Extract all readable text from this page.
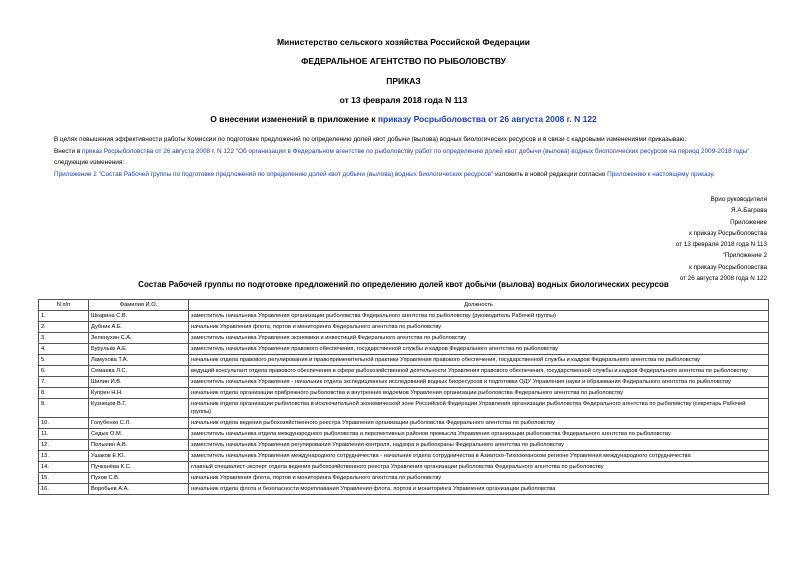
Министерство сельского хозяйства Российской Федерации
ФЕДЕРАЛЬНОЕ АГЕНТСТВО ПО РЫБОЛОВСТВУ
ПРИКАЗ
от 13 февраля 2018 года N 113
О внесении изменений в приложение к приказу Росрыболовства от 26 августа 2008 г. N 122
В целях повышения эффективности работы Комиссии по подготовке предложений по определению долей квот добычи (вылова) водных биологических ресурсов и в связи с кадровыми изменениями приказываю:
Внести в приказ Росрыболовства от 26 августа 2008 г. N 122 "Об организации в Федеральном агентстве по рыболовству работ по определению долей квот добычи (вылова) водных биологических ресурсов на период 2009-2018 годы" следующие изменения:
Приложение 2 "Состав Рабочей группы по подготовке предложений по определению долей квот добычи (вылова) водных биологических ресурсов" изложить в новой редакции согласно Приложению к настоящему приказу.
Врио руководителя
Я.А.Багрова
Приложение
к приказу Росрыболовства
от 13 февраля 2018 года N 113
"Приложение 2
к приказу Росрыболовства
от 26 августа 2008 года N 122
Состав Рабочей группы по подготовке предложений по определению долей квот добычи (вылова) водных биологических ресурсов
N п/п	Фамилия И.О.	Должность
1.	Шкарина С.В.	заместитель начальника Управления организации рыболовства Федерального агентства по рыболовству (руководитель Рабочей группы)
2.	Дубник А.Е.	начальник Управления флота, портов и мониторинга Федерального агентства по рыболовству
3.	Зеленухин С.А.	заместитель начальника Управления экономики и инвестиций Федерального агентства по рыболовству
4.	Бурулько А.Е.	заместитель начальника Управления правового обеспечения, государственной службы и кадров Федерального агентства по рыболовству
5.	Ламухова Т.А.	начальник отдела правового регулирования и правоприменительной практики Управления правового обеспечения, государственной службы и кадров Федерального агентства по рыболовству
6.	Семаева Л.С.	ведущий консультант отдела правового обеспечения в сфере рыбохозяйственной деятельности Управления правового обеспечения, государственной службы и кадров Федерального агентства по рыболовству
7.	Шилин И.В.	заместитель начальника Управления - начальник отдела экспедиционных исследований водных биоресурсов и подготовки ОДУ Управления науки и образования Федерального агентства по рыболовству
8.	Куприн Н.Н.	начальник отдела организации прибрежного рыболовства и внутренних водоемов Управления организации рыболовства Федерального агентства по рыболовству
9.	Кузнецов В.Г.	начальник отдела организации рыболовства в исключительной экономической зоне Российской Федерации Управления организации рыболовства Федерального агентства по рыболовству (секретарь Рабочей группы)
10.	Голубенко С.Л.	начальник отдела ведения рыбохозяйственного реестра Управления организации рыболовства Федерального агентства по рыболовству
11.	Седых О.М.	заместитель начальника отдела международного рыболовства и перспективных районов промысла Управления организации рыболовства Федерального агентства по рыболовству
12.	Полынин А.В.	заместитель начальника Управления регулирования Управления контроля, надзора и рыбоохраны Федерального агентства по рыболовству
13.	Ушаков Е.Ю.	заместитель начальника Управления международного сотрудничества - начальник отдела сотрудничества в Азиатско-Тихоокеанском регионе Управления международного сотрудничества
14.	Пучканёва К.С.	главный специалист-эксперт отдела ведения рыбохозяйственного реестра Управления организации рыболовства Федерального агентства по рыболовству
15.	Пухов С.В.	начальник Управления флота, портов и мониторинга Федерального агентства по рыболовству
16.	Воробьев А.А.	начальник отдела флота и безопасности мореплавания Управления флота, портов и мониторинга Управления организации рыболовства
